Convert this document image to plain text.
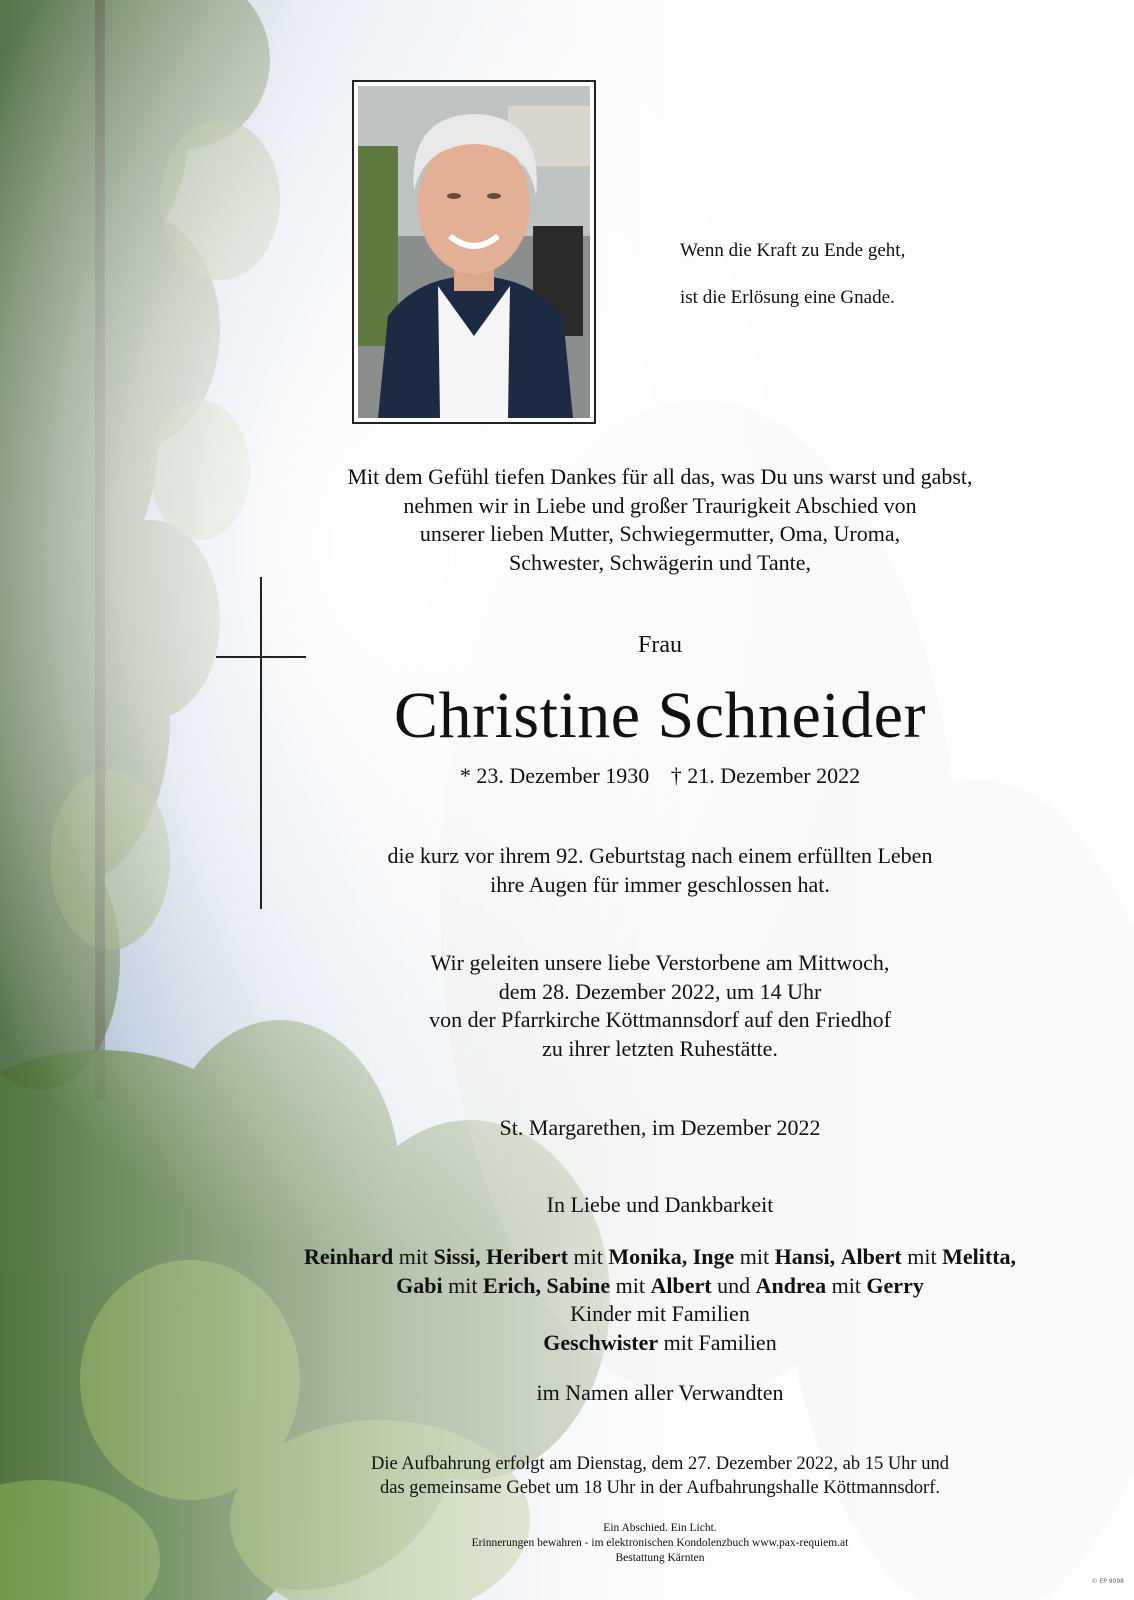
Wenn die Kraft zu Ende geht,
ist die Erlösung eine Gnade.
Mit dem Gefühl tiefen Dankes für all das, was Du uns warst und gabst,
nehmen wir in Liebe und großer Traurigkeit Abschied von
unserer lieben Mutter, Schwiegermutter, Oma, Uroma,
Schwester, Schwägerin und Tante,
Frau
Christine Schneider
* 23. Dezember 1930 † 21. Dezember 2022
die kurz vor ihrem 92. Geburtstag nach einem erfüllten Leben
ihre Augen für immer geschlossen hat.
Wir geleiten unsere liebe Verstorbene am Mittwoch,
dem 28. Dezember 2022, um 14 Uhr
von der Pfarrkirche Köttmannsdorf auf den Friedhof
zu ihrer letzten Ruhestätte.
St. Margarethen, im Dezember 2022
In Liebe und Dankbarkeit
Reinhard mit Sissi, Heribert mit Monika, Inge mit Hansi, Albert mit Melitta,
Gabi mit Erich, Sabine mit Albert und Andrea mit Gerry
Kinder mit Familien
Geschwister mit Familien
im Namen aller Verwandten
Die Aufbahrung erfolgt am Dienstag, dem 27. Dezember 2022, ab 15 Uhr und
das gemeinsame Gebet um 18 Uhr in der Aufbahrungshalle Köttmannsdorf.
Ein Abschied. Ein Licht.
Erinnerungen bewahren - im elektronischen Kondolenzbuch www.pax-requiem.at
Bestattung Kärnten
© EP 9098
